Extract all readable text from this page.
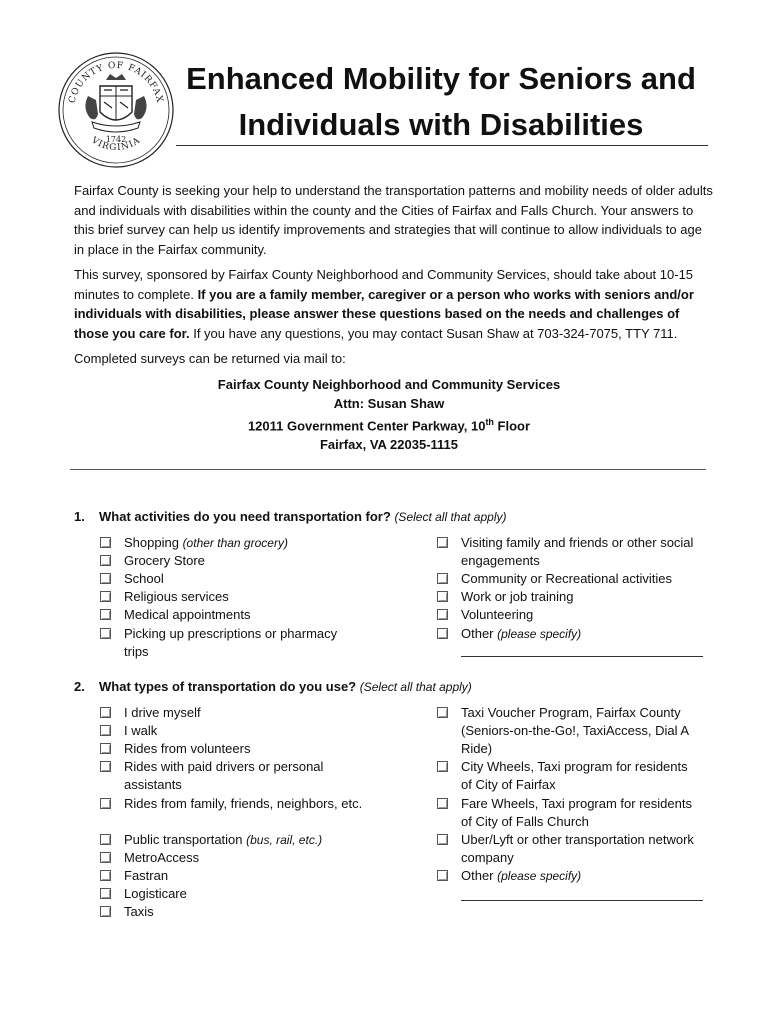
COUNTY OF FAIRFAX
VIRGINIA
1742
Enhanced Mobility for Seniors and
Individuals with Disabilities
Fairfax County is seeking your help to understand the transportation patterns and mobility needs of older adults and individuals with disabilities within the county and the Cities of Fairfax and Falls Church. Your answers to this brief survey can help us identify improvements and strategies that will continue to allow individuals to age in place in the Fairfax community.
This survey, sponsored by Fairfax County Neighborhood and Community Services, should take about 10-15 minutes to complete. If you are a family member, caregiver or a person who works with seniors and/or individuals with disabilities, please answer these questions based on the needs and challenges of those you care for. If you have any questions, you may contact Susan Shaw at 703-324-7075, TTY 711.
Completed surveys can be returned via mail to:
Fairfax County Neighborhood and Community Services
Attn: Susan Shaw
12011 Government Center Parkway, 10th Floor
Fairfax, VA 22035-1115
1. What activities do you need transportation for? (Select all that apply)
Shopping (other than grocery)
Grocery Store
School
Religious services
Medical appointments
Picking up prescriptions or pharmacy trips
Visiting family and friends or other social engagements
Community or Recreational activities
Work or job training
Volunteering
Other (please specify)
2. What types of transportation do you use? (Select all that apply)
I drive myself
I walk
Rides from volunteers
Rides with paid drivers or personal assistants
Rides from family, friends, neighbors, etc.
Public transportation (bus, rail, etc.)
MetroAccess
Fastran
Logisticare
Taxis
Taxi Voucher Program, Fairfax County (Seniors-on-the-Go!, TaxiAccess, Dial A Ride)
City Wheels, Taxi program for residents of City of Fairfax
Fare Wheels, Taxi program for residents of City of Falls Church
Uber/Lyft or other transportation network company
Other (please specify)
